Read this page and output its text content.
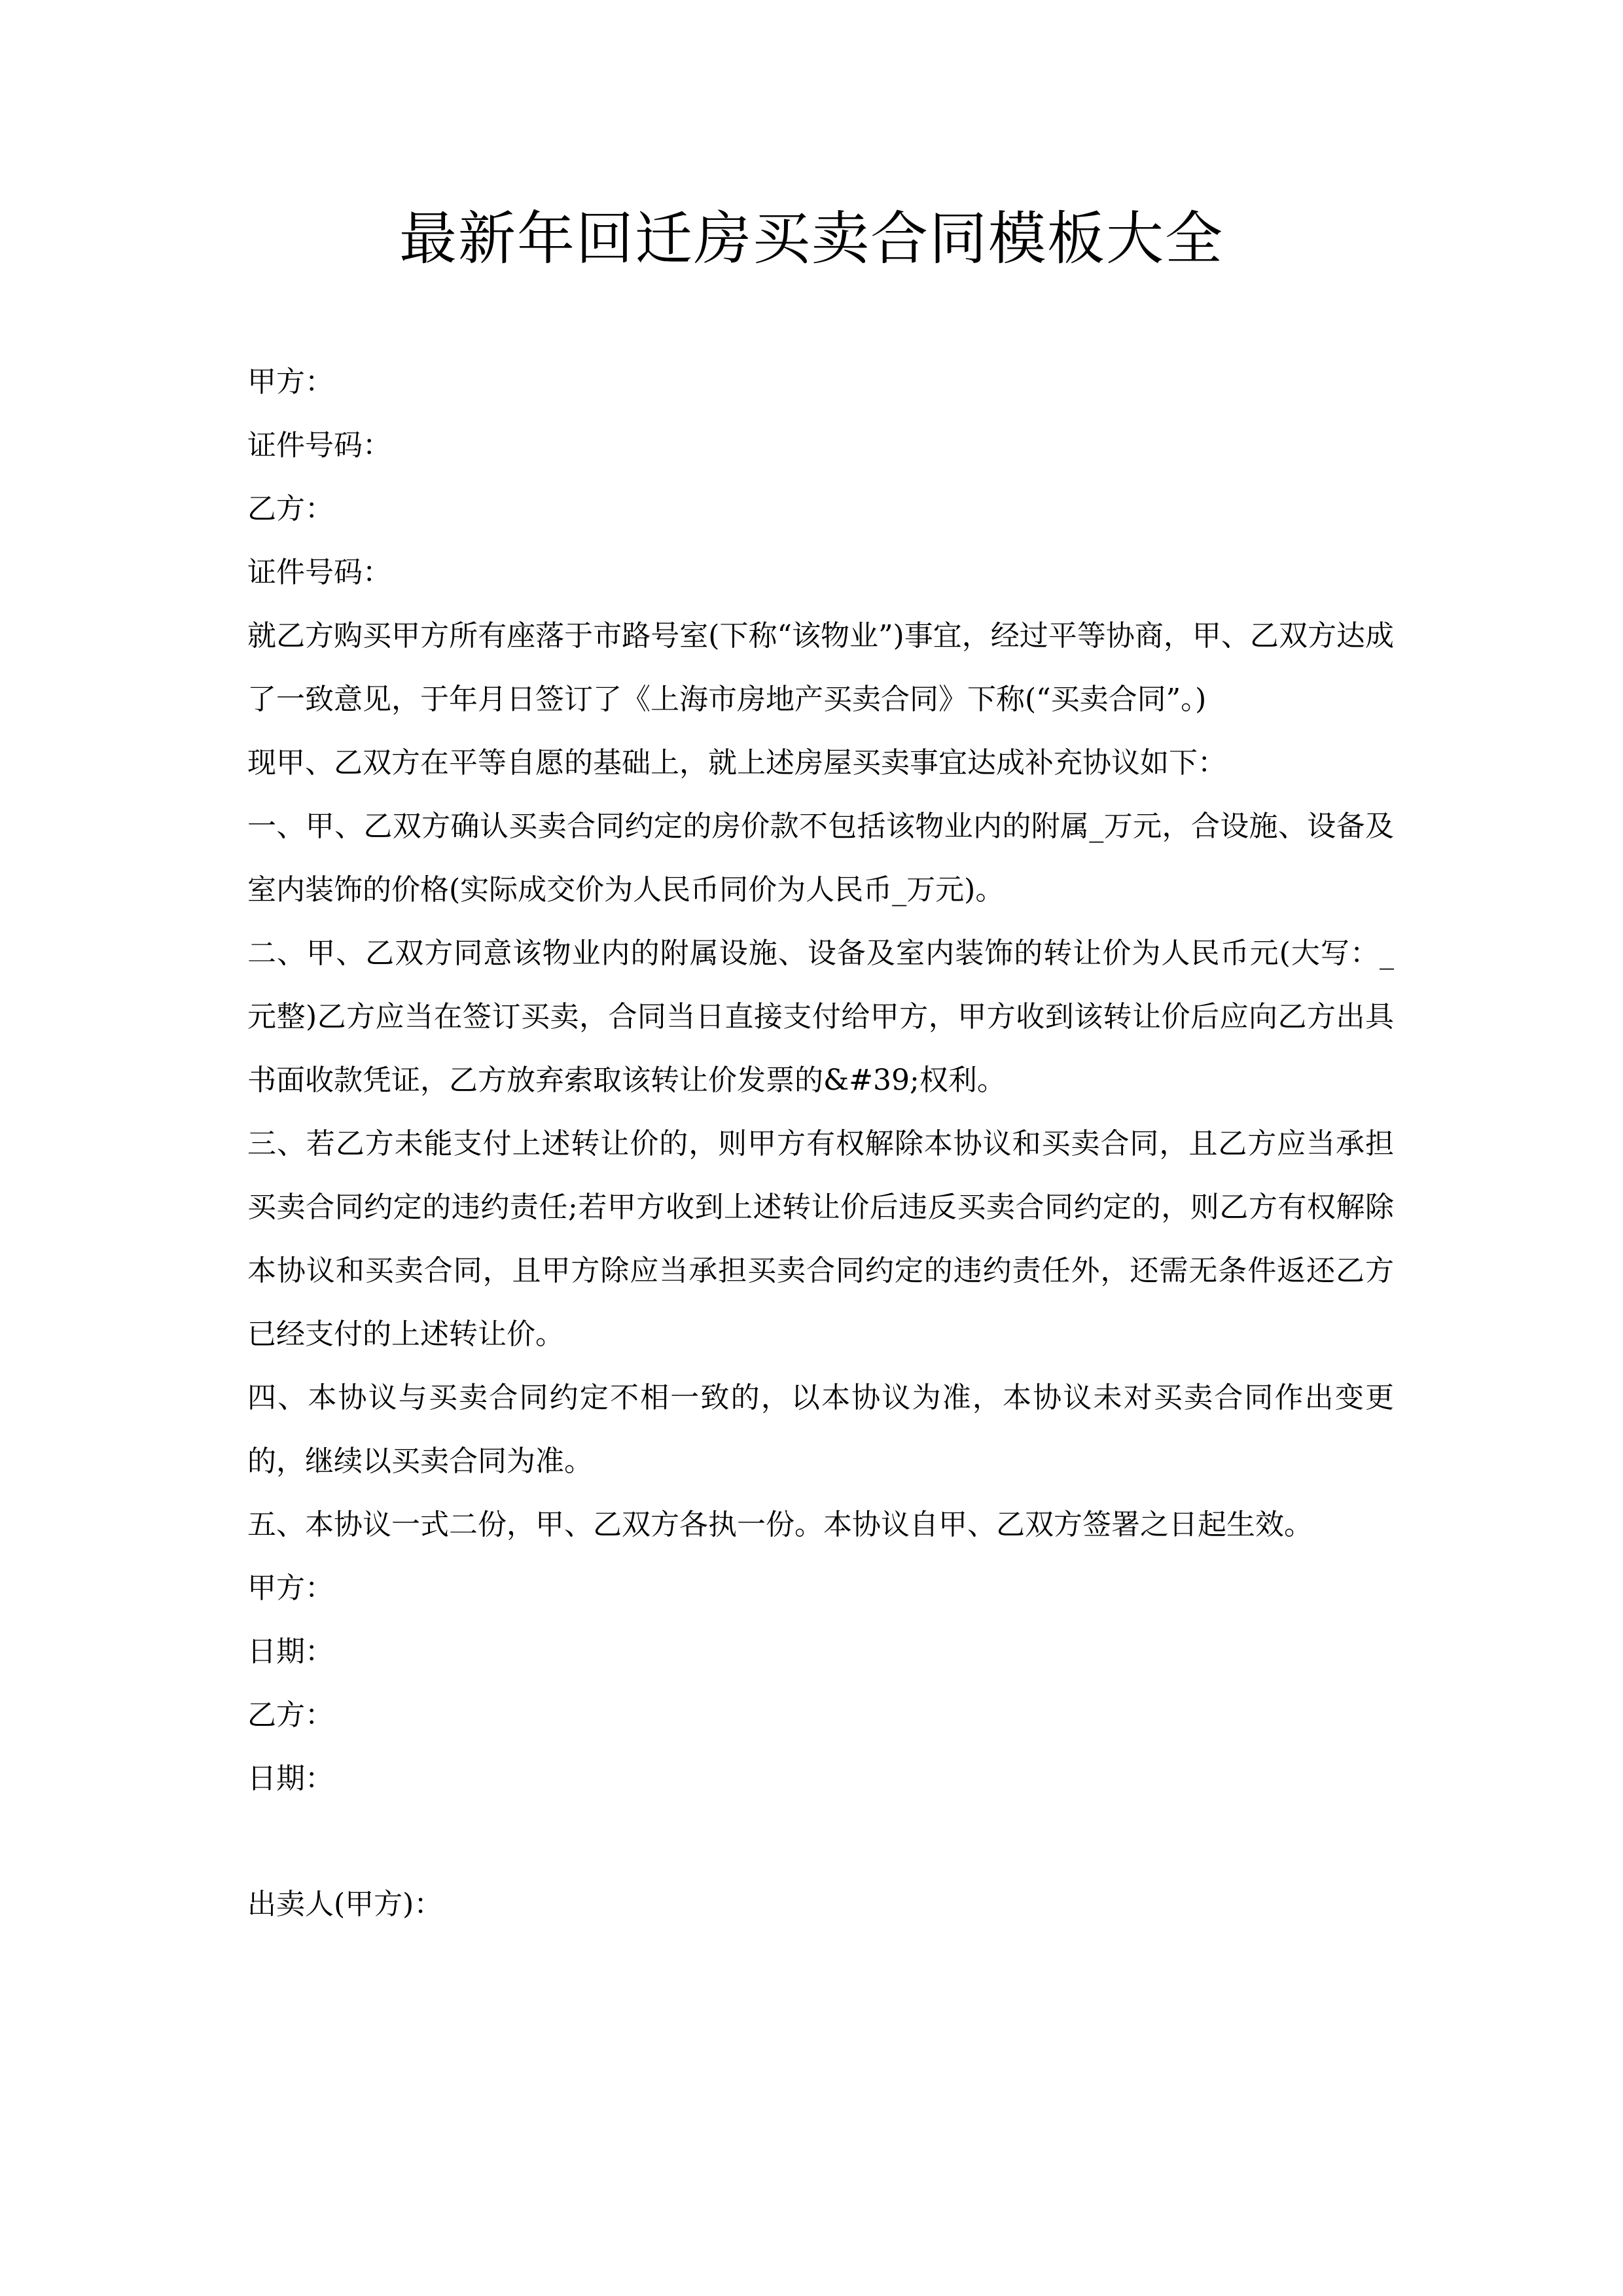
最新年回迁房买卖合同模板大全

甲方：

证件号码：

乙方：

证件号码：

就乙方购买甲方所有座落于市路号室(下称“该物业”)事宜，经过平等协商，甲、乙双方达成了一致意见，于年月日签订了《上海市房地产买卖合同》下称(“买卖合同”。)

现甲、乙双方在平等自愿的基础上，就上述房屋买卖事宜达成补充协议如下：

一、甲、乙双方确认买卖合同约定的房价款不包括该物业内的附属_万元，合设施、设备及室内装饰的价格(实际成交价为人民币同价为人民币_万元)。

二、甲、乙双方同意该物业内的附属设施、设备及室内装饰的转让价为人民币元(大写：_元整)乙方应当在签订买卖，合同当日直接支付给甲方，甲方收到该转让价后应向乙方出具书面收款凭证，乙方放弃索取该转让价发票的&#39;权利。

三、若乙方未能支付上述转让价的，则甲方有权解除本协议和买卖合同，且乙方应当承担买卖合同约定的违约责任;若甲方收到上述转让价后违反买卖合同约定的，则乙方有权解除本协议和买卖合同，且甲方除应当承担买卖合同约定的违约责任外，还需无条件返还乙方已经支付的上述转让价。

四、本协议与买卖合同约定不相一致的，以本协议为准，本协议未对买卖合同作出变更的，继续以买卖合同为准。

五、本协议一式二份，甲、乙双方各执一份。本协议自甲、乙双方签署之日起生效。

甲方：

日期：

乙方：

日期：

出卖人(甲方)：
